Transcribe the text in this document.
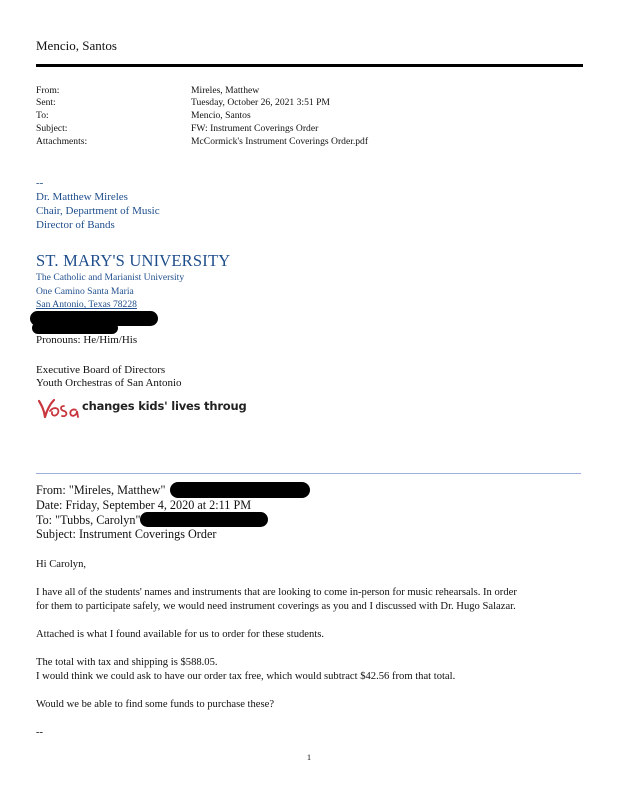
Mencio, Santos
From:	Mireles, Matthew
Sent:	Tuesday, October 26, 2021 3:51 PM
To:	Mencio, Santos
Subject:	FW: Instrument Coverings Order
Attachments:	McCormick's Instrument Coverings Order.pdf
--
Dr. Matthew Mireles
Chair, Department of Music
Director of Bands
ST. MARY'S UNIVERSITY
The Catholic and Marianist University
One Camino Santa Maria
San Antonio, Texas 78228
Pronouns: He/Him/His
Executive Board of Directors
Youth Orchestras of San Antonio
changes kids' lives throug
From: "Mireles, Matthew"
Date: Friday, September 4, 2020 at 2:11 PM
To: "Tubbs, Carolyn"
Subject: Instrument Coverings Order
Hi Carolyn,
I have all of the students' names and instruments that are looking to come in-person for music rehearsals. In order
for them to participate safely, we would need instrument coverings as you and I discussed with Dr. Hugo Salazar.
Attached is what I found available for us to order for these students.
The total with tax and shipping is $588.05.
I would think we could ask to have our order tax free, which would subtract $42.56 from that total.
Would we be able to find some funds to purchase these?
--
1
